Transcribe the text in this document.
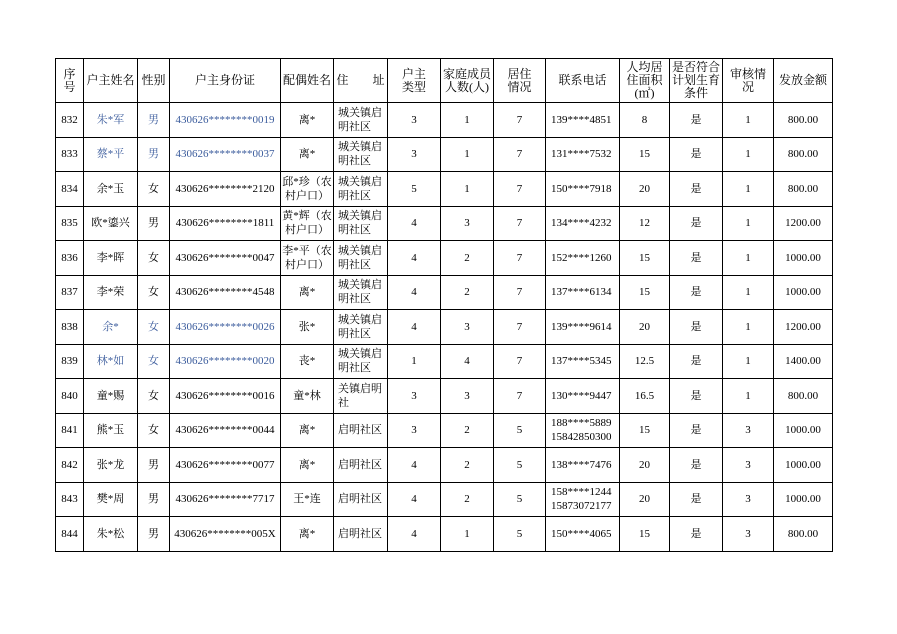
序
号	户主姓名	性别	户主身份证	配偶姓名	住　　址	户主
类型	家庭成员
人数(人)	居住
情况	联系电话	人均居
住面积
(㎡)	是否符合
计划生育
条件	审核情况	发放金额
832	朱*军	男	430626********0019	离*	城关镇启
明社区	3	1	7	139****4851	8	是	1	800.00
833	蔡*平	男	430626********0037	离*	城关镇启
明社区	3	1	7	131****7532	15	是	1	800.00
834	余*玉	女	430626********2120	邱*珍（农
村户口）	城关镇启
明社区	5	1	7	150****7918	20	是	1	800.00
835	欧*鎏兴	男	430626********1811	黄*辉（农
村户口）	城关镇启
明社区	4	3	7	134****4232	12	是	1	1200.00
836	李*晖	女	430626********0047	李*平（农
村户口）	城关镇启
明社区	4	2	7	152****1260	15	是	1	1000.00
837	李*荣	女	430626********4548	离*	城关镇启
明社区	4	2	7	137****6134	15	是	1	1000.00
838	余*	女	430626********0026	张*	城关镇启
明社区	4	3	7	139****9614	20	是	1	1200.00
839	林*如	女	430626********0020	丧*	城关镇启
明社区	1	4	7	137****5345	12.5	是	1	1400.00
840	童*赐	女	430626********0016	童*林	关镇启明社	3	3	7	130****9447	16.5	是	1	800.00
841	熊*玉	女	430626********0044	离*	启明社区	3	2	5	188****5889
15842850300	15	是	3	1000.00
842	张*龙	男	430626********0077	离*	启明社区	4	2	5	138****7476	20	是	3	1000.00
843	樊*周	男	430626********7717	王*连	启明社区	4	2	5	158****1244
15873072177	20	是	3	1000.00
844	朱*松	男	430626********005X	离*	启明社区	4	1	5	150****4065	15	是	3	800.00
